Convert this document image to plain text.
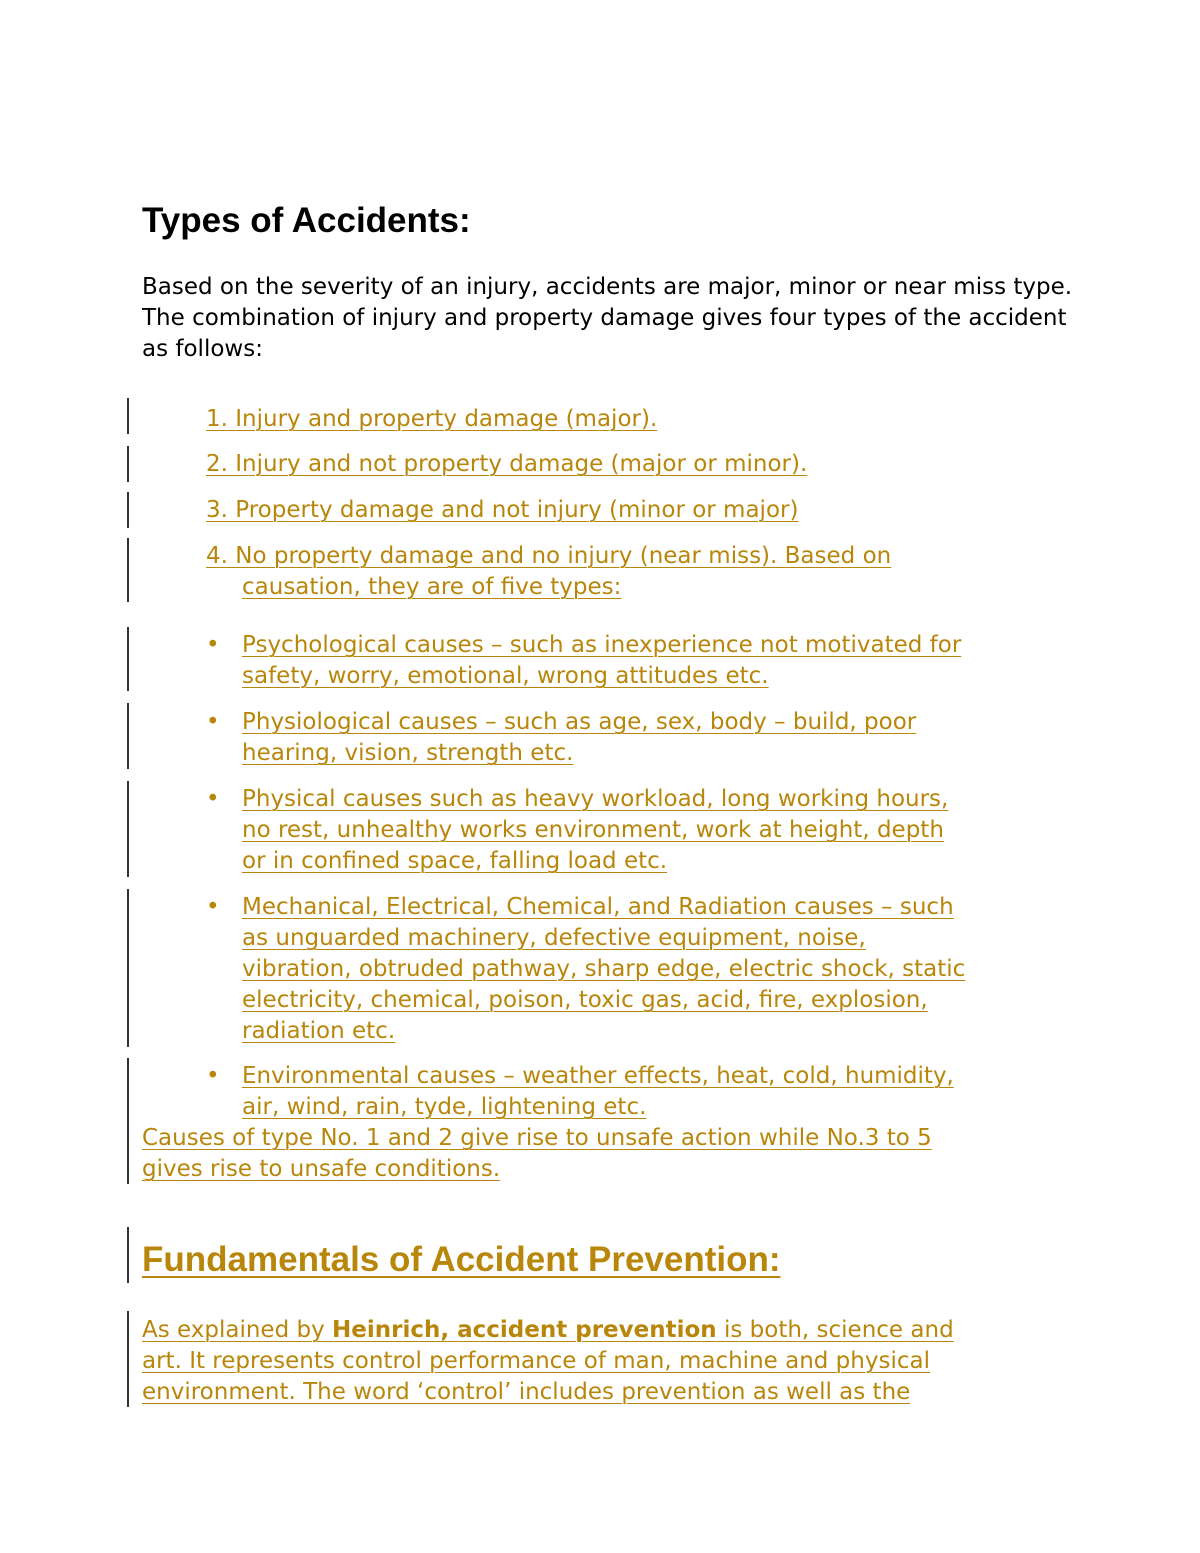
Types of Accidents:

Based on the severity of an injury, accidents are major, minor or near miss type. The combination of injury and property damage gives four types of the accident as follows:

1. Injury and property damage (major).
2. Injury and not property damage (major or minor).
3. Property damage and not injury (minor or major)
4. No property damage and no injury (near miss). Based on
causation, they are of five types:
• Psychological causes – such as inexperience not motivated for
safety, worry, emotional, wrong attitudes etc.
• Physiological causes – such as age, sex, body – build, poor
hearing, vision, strength etc.
• Physical causes such as heavy workload, long working hours,
no rest, unhealthy works environment, work at height, depth
or in confined space, falling load etc.
• Mechanical, Electrical, Chemical, and Radiation causes – such
as unguarded machinery, defective equipment, noise,
vibration, obtruded pathway, sharp edge, electric shock, static
electricity, chemical, poison, toxic gas, acid, fire, explosion,
radiation etc.
• Environmental causes – weather effects, heat, cold, humidity,
air, wind, rain, tyde, lightening etc.
Causes of type No. 1 and 2 give rise to unsafe action while No.3 to 5
gives rise to unsafe conditions.
Fundamentals of Accident Prevention:
As explained by Heinrich, accident prevention is both, science and
art. It represents control performance of man, machine and physical
environment. The word ‘control’ includes prevention as well as the
